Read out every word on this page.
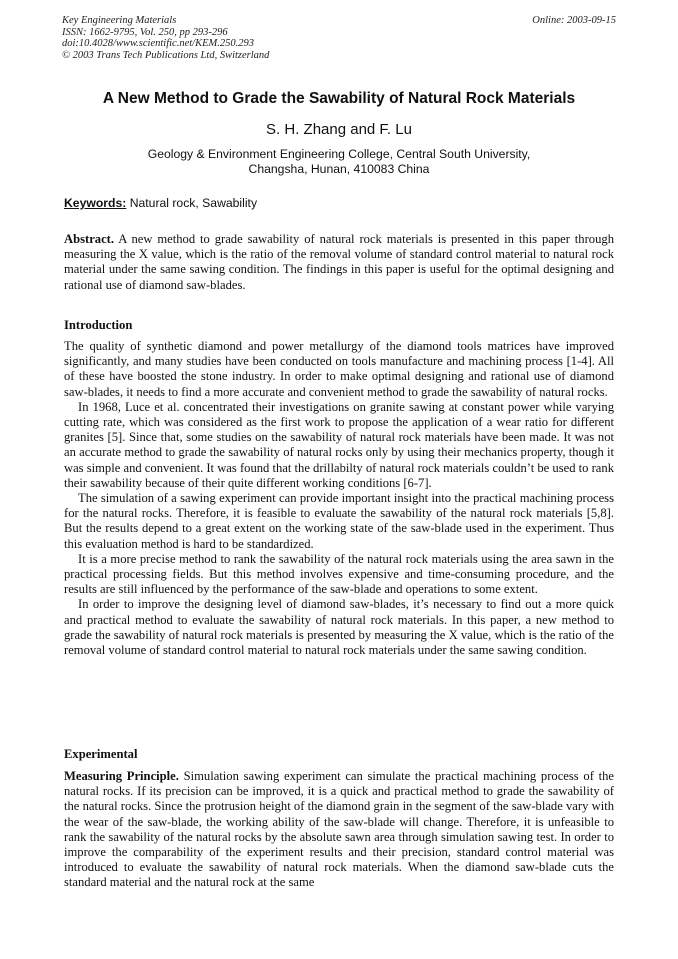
Key Engineering Materials
ISSN: 1662-9795, Vol. 250, pp 293-296
doi:10.4028/www.scientific.net/KEM.250.293
© 2003 Trans Tech Publications Ltd, Switzerland
Online: 2003-09-15
A New Method to Grade the Sawability of Natural Rock Materials
S. H. Zhang and F. Lu
Geology & Environment Engineering College, Central South University,
Changsha, Hunan, 410083 China
Keywords: Natural rock, Sawability

Abstract. A new method to grade sawability of natural rock materials is presented in this paper through measuring the X value, which is the ratio of the removal volume of standard control material to natural rock material under the same sawing condition. The findings in this paper is useful for the optimal designing and rational use of diamond saw-blades.

Introduction

The quality of synthetic diamond and power metallurgy of the diamond tools matrices have improved significantly, and many studies have been conducted on tools manufacture and machining process [1-4]. All of these have boosted the stone industry. In order to make optimal designing and rational use of diamond saw-blades, it needs to find a more accurate and convenient method to grade the sawability of natural rocks.

In 1968, Luce et al. concentrated their investigations on granite sawing at constant power while varying cutting rate, which was considered as the first work to propose the application of a wear ratio for different granites [5]. Since that, some studies on the sawability of natural rock materials have been made. It was not an accurate method to grade the sawability of natural rocks only by using their mechanics property, though it was simple and convenient. It was found that the drillabilty of natural rock materials couldn’t be used to rank their sawability because of their quite different working conditions [6-7].

The simulation of a sawing experiment can provide important insight into the practical machining process for the natural rocks. Therefore, it is feasible to evaluate the sawability of the natural rock materials [5,8]. But the results depend to a great extent on the working state of the saw-blade used in the experiment. Thus this evaluation method is hard to be standardized.

It is a more precise method to rank the sawability of the natural rock materials using the area sawn in the practical processing fields. But this method involves expensive and time-consuming procedure, and the results are still influenced by the performance of the saw-blade and operations to some extent.

In order to improve the designing level of diamond saw-blades, it’s necessary to find out a more quick and practical method to evaluate the sawability of natural rock materials. In this paper, a new method to grade the sawability of natural rock materials is presented by measuring the X value, which is the ratio of the removal volume of standard control material to natural rock materials under the same sawing condition.

Experimental

Measuring Principle. Simulation sawing experiment can simulate the practical machining process of the natural rocks. If its precision can be improved, it is a quick and practical method to grade the sawability of the natural rocks. Since the protrusion height of the diamond grain in the segment of the saw-blade vary with the wear of the saw-blade, the working ability of the saw-blade will change. Therefore, it is unfeasible to rank the sawability of the natural rocks by the absolute sawn area through simulation sawing test. In order to improve the comparability of the experiment results and their precision, standard control material was introduced to evaluate the sawability of natural rock materials. When the diamond saw-blade cuts the standard material and the natural rock at the same
